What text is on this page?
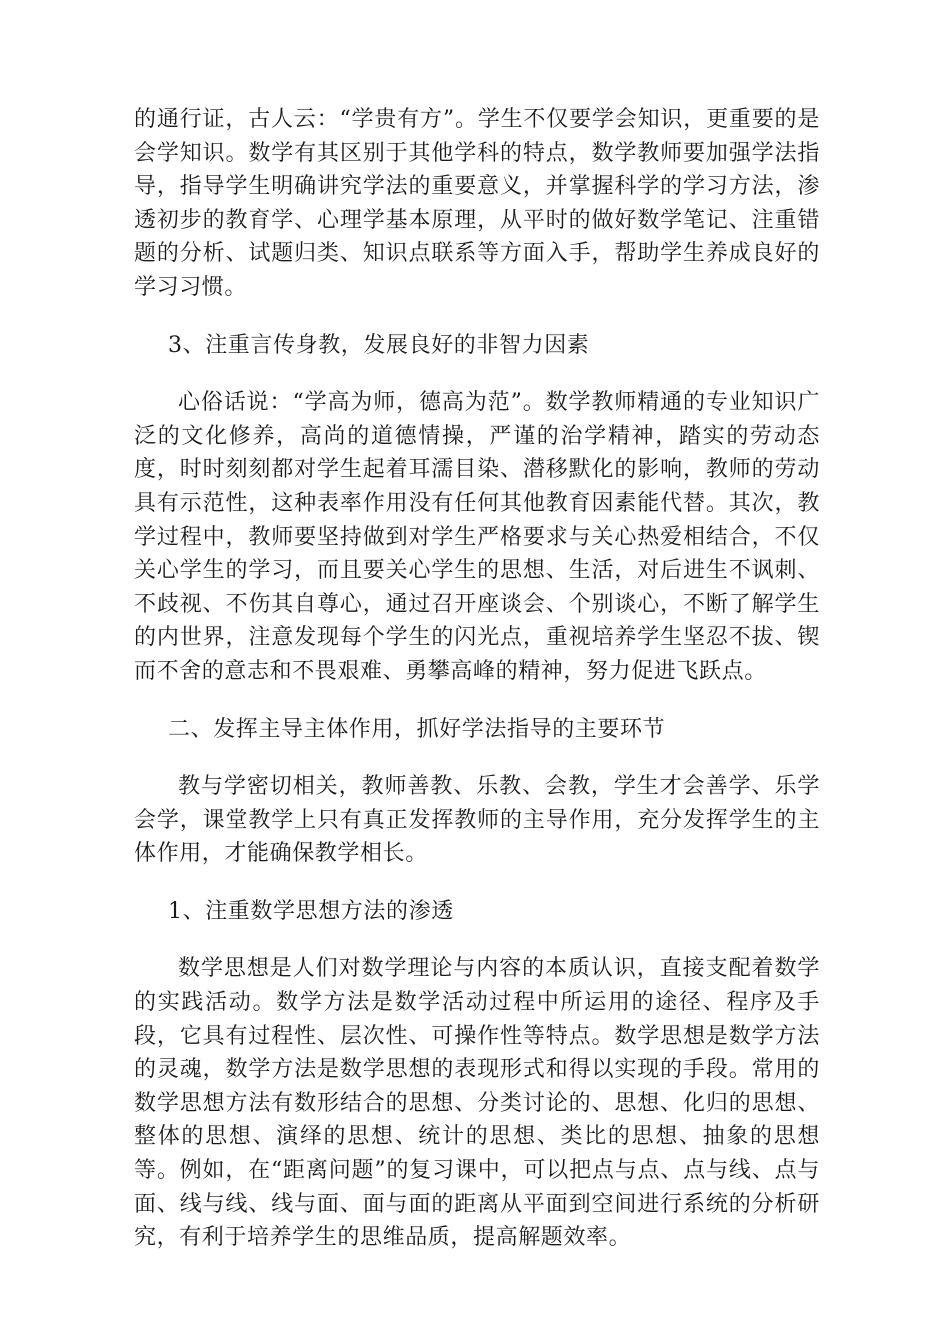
的通行证，古人云：“学贵有方”。学生不仅要学会知识，更重要的是会学知识。数学有其区别于其他学科的特点，数学教师要加强学法指导，指导学生明确讲究学法的重要意义，并掌握科学的学习方法，渗透初步的教育学、心理学基本原理，从平时的做好数学笔记、注重错题的分析、试题归类、知识点联系等方面入手，帮助学生养成良好的学习习惯。

3、注重言传身教，发展良好的非智力因素

心俗话说：“学高为师，德高为范”。数学教师精通的专业知识广泛的文化修养，高尚的道德情操，严谨的治学精神，踏实的劳动态度，时时刻刻都对学生起着耳濡目染、潜移默化的影响，教师的劳动具有示范性，这种表率作用没有任何其他教育因素能代替。其次，教学过程中，教师要坚持做到对学生严格要求与关心热爱相结合，不仅关心学生的学习，而且要关心学生的思想、生活，对后进生不讽刺、不歧视、不伤其自尊心，通过召开座谈会、个别谈心，不断了解学生的内世界，注意发现每个学生的闪光点，重视培养学生坚忍不拔、锲而不舍的意志和不畏艰难、勇攀高峰的精神，努力促进飞跃点。

二、发挥主导主体作用，抓好学法指导的主要环节

教与学密切相关，教师善教、乐教、会教，学生才会善学、乐学会学，课堂教学上只有真正发挥教师的主导作用，充分发挥学生的主体作用，才能确保教学相长。

1、注重数学思想方法的渗透

数学思想是人们对数学理论与内容的本质认识，直接支配着数学的实践活动。数学方法是数学活动过程中所运用的途径、程序及手段，它具有过程性、层次性、可操作性等特点。数学思想是数学方法的灵魂，数学方法是数学思想的表现形式和得以实现的手段。常用的数学思想方法有数形结合的思想、分类讨论的、思想、化归的思想、整体的思想、演绎的思想、统计的思想、类比的思想、抽象的思想等。例如，在“距离问题”的复习课中，可以把点与点、点与线、点与面、线与线、线与面、面与面的距离从平面到空间进行系统的分析研究，有利于培养学生的思维品质，提高解题效率。
